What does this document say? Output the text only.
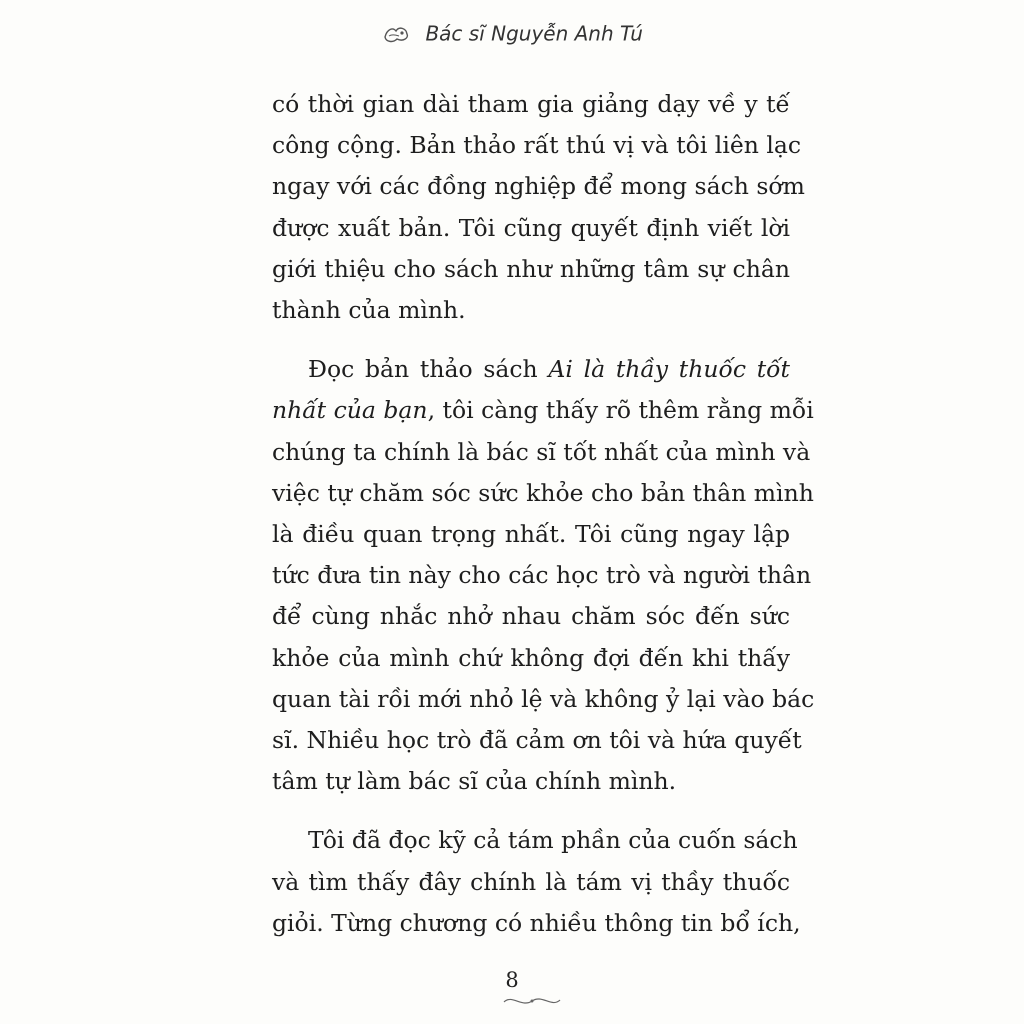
Bác sĩ Nguyễn Anh Tú

có thời gian dài tham gia giảng dạy về y tế
công cộng. Bản thảo rất thú vị và tôi liên lạc
ngay với các đồng nghiệp để mong sách sớm
được xuất bản. Tôi cũng quyết định viết lời
giới thiệu cho sách như những tâm sự chân
thành của mình.

Đọc bản thảo sách Ai là thầy thuốc tốt
nhất của bạn, tôi càng thấy rõ thêm rằng mỗi
chúng ta chính là bác sĩ tốt nhất của mình và
việc tự chăm sóc sức khỏe cho bản thân mình
là điều quan trọng nhất. Tôi cũng ngay lập
tức đưa tin này cho các học trò và người thân
để cùng nhắc nhở nhau chăm sóc đến sức
khỏe của mình chứ không đợi đến khi thấy
quan tài rồi mới nhỏ lệ và không ỷ lại vào bác
sĩ. Nhiều học trò đã cảm ơn tôi và hứa quyết
tâm tự làm bác sĩ của chính mình.

Tôi đã đọc kỹ cả tám phần của cuốn sách
và tìm thấy đây chính là tám vị thầy thuốc
giỏi. Từng chương có nhiều thông tin bổ ích,

8
